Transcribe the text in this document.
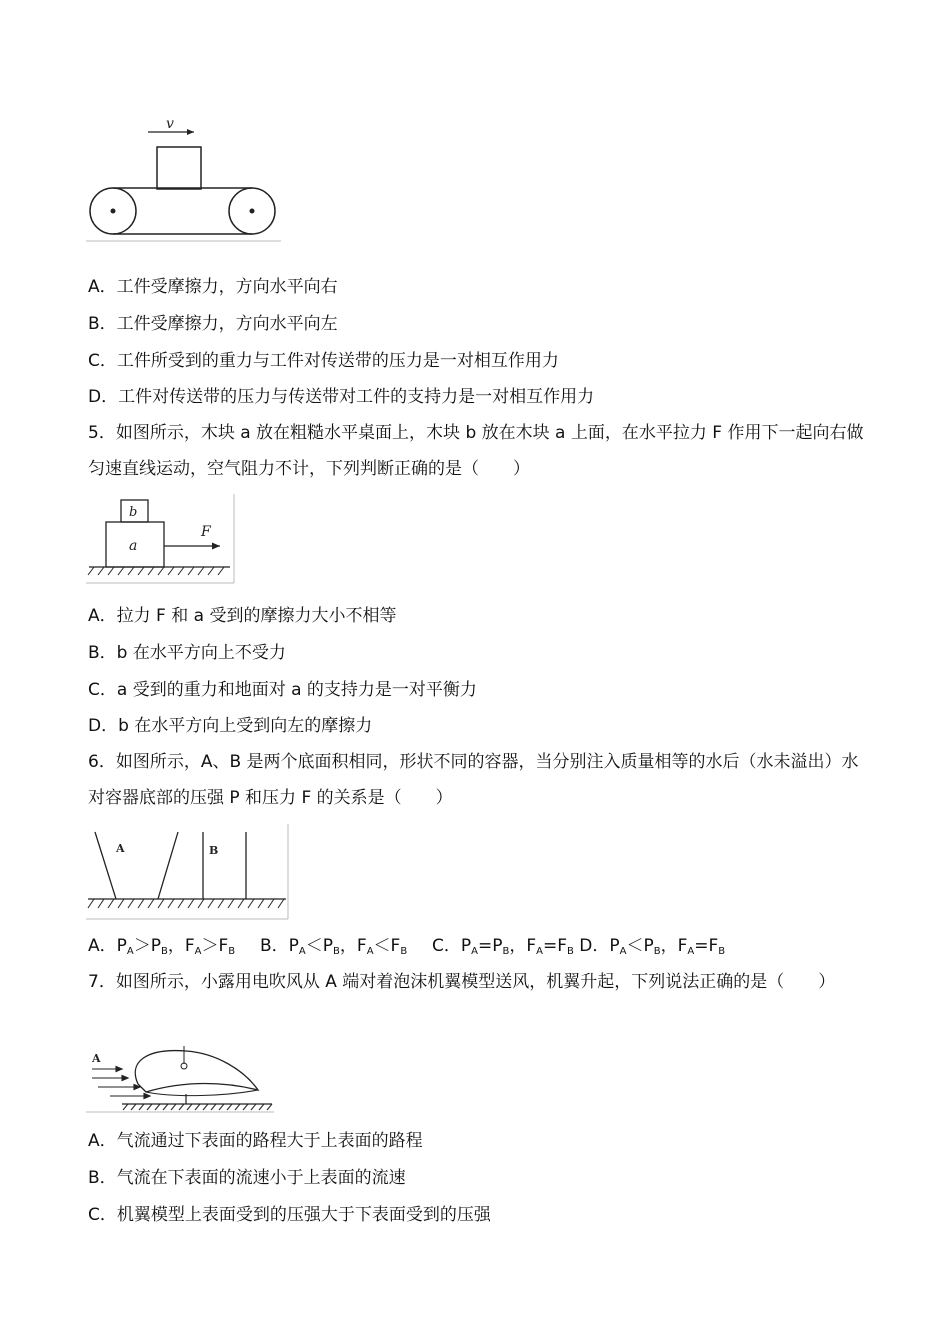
v
A．工件受摩擦力，方向水平向右
B．工件受摩擦力，方向水平向左
C．工件所受到的重力与工件对传送带的压力是一对相互作用力
D．工件对传送带的压力与传送带对工件的支持力是一对相互作用力
5．如图所示，木块 a 放在粗糙水平桌面上，木块 b 放在木块 a 上面，在水平拉力 F 作用下一起向右做匀速直线运动，空气阻力不计，下列判断正确的是（　　）
b
a
F
A．拉力 F 和 a 受到的摩擦力大小不相等
B．b 在水平方向上不受力
C．a 受到的重力和地面对 a 的支持力是一对平衡力
D．b 在水平方向上受到向左的摩擦力
6．如图所示，A、B 是两个底面积相同，形状不同的容器，当分别注入质量相等的水后（水未溢出）水对容器底部的压强 P 和压力 F 的关系是（　　）
A	B
A．$P_A>P_B$，$F_A>F_B$ B．$P_A<P_B$，$F_A<F_B$ C．$P_A=P_B$，$F_A=F_B$ D．$P_A<P_B$，$F_A=F_B$
7．如图所示，小露用电吹风从 A 端对着泡沫机翼模型送风，机翼升起，下列说法正确的是（　　）
A
A．气流通过下表面的路程大于上表面的路程
B．气流在下表面的流速小于上表面的流速
C．机翼模型上表面受到的压强大于下表面受到的压强
